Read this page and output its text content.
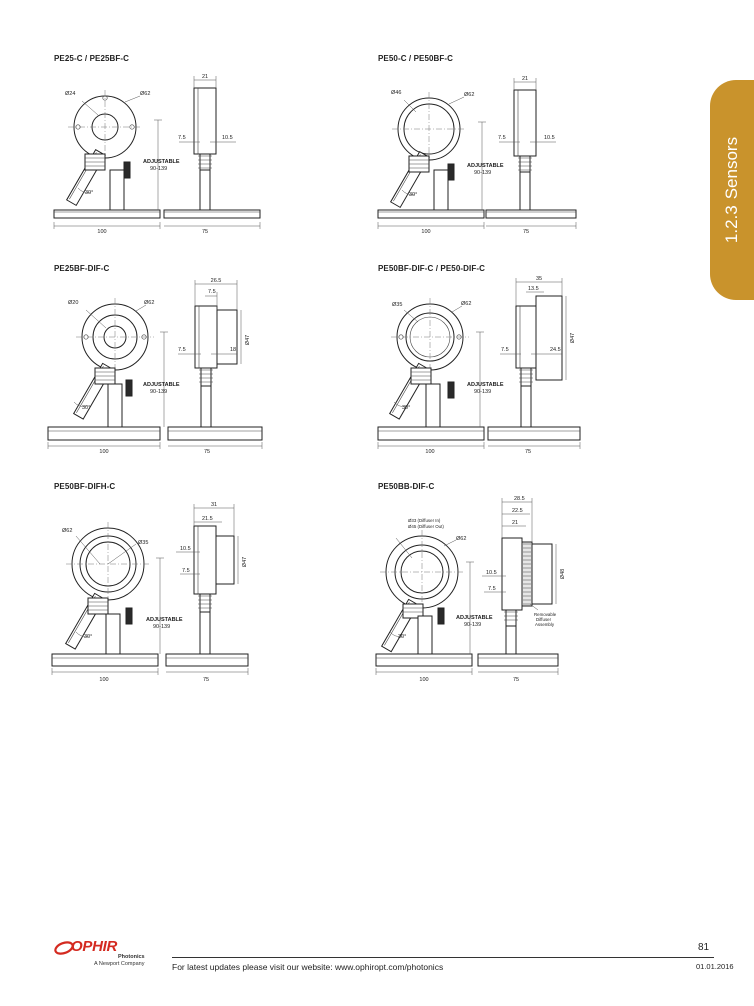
1.2.3Sensors
PE25-C / PE25BF-C	PE50-C / PE50BF-C
PE25BF-DIF-C	PE50BF-DIF-C / PE50-DIF-C
PE50BF-DIFH-C	PE50BB-DIF-C
100
Ø24	Ø62
30°
ADJUSTABLE
90-139
21
7.5	10.5
75	100
Ø46	Ø62
30°
ADJUSTABLE
90-139
21
7.5	10.5
75
100
Ø20	Ø62
30°
ADJUSTABLE
90-139
26.5
7.5
Ø47
7.5	18
75	100
Ø35	Ø62
30°
ADJUSTABLE
90-139
35
13.5
Ø47
7.5	24.5
75
100
Ø62
Ø35
30°
ADJUSTABLE
90-139
31
21.5
10.5
Ø47
7.5
75	100
Ø33 (Diffuser In)
Ø45 (Diffuser Out)
Ø62
30°
ADJUSTABLE
90-139
28.5
22.5
21
10.5	Ø48
7.5
Removable
Diffuser
Assembly
75
OPHIR
Photonics
A Newport Company	For latest updates please visit our website: www.ophiropt.com/photonics
81
01.01.2016
